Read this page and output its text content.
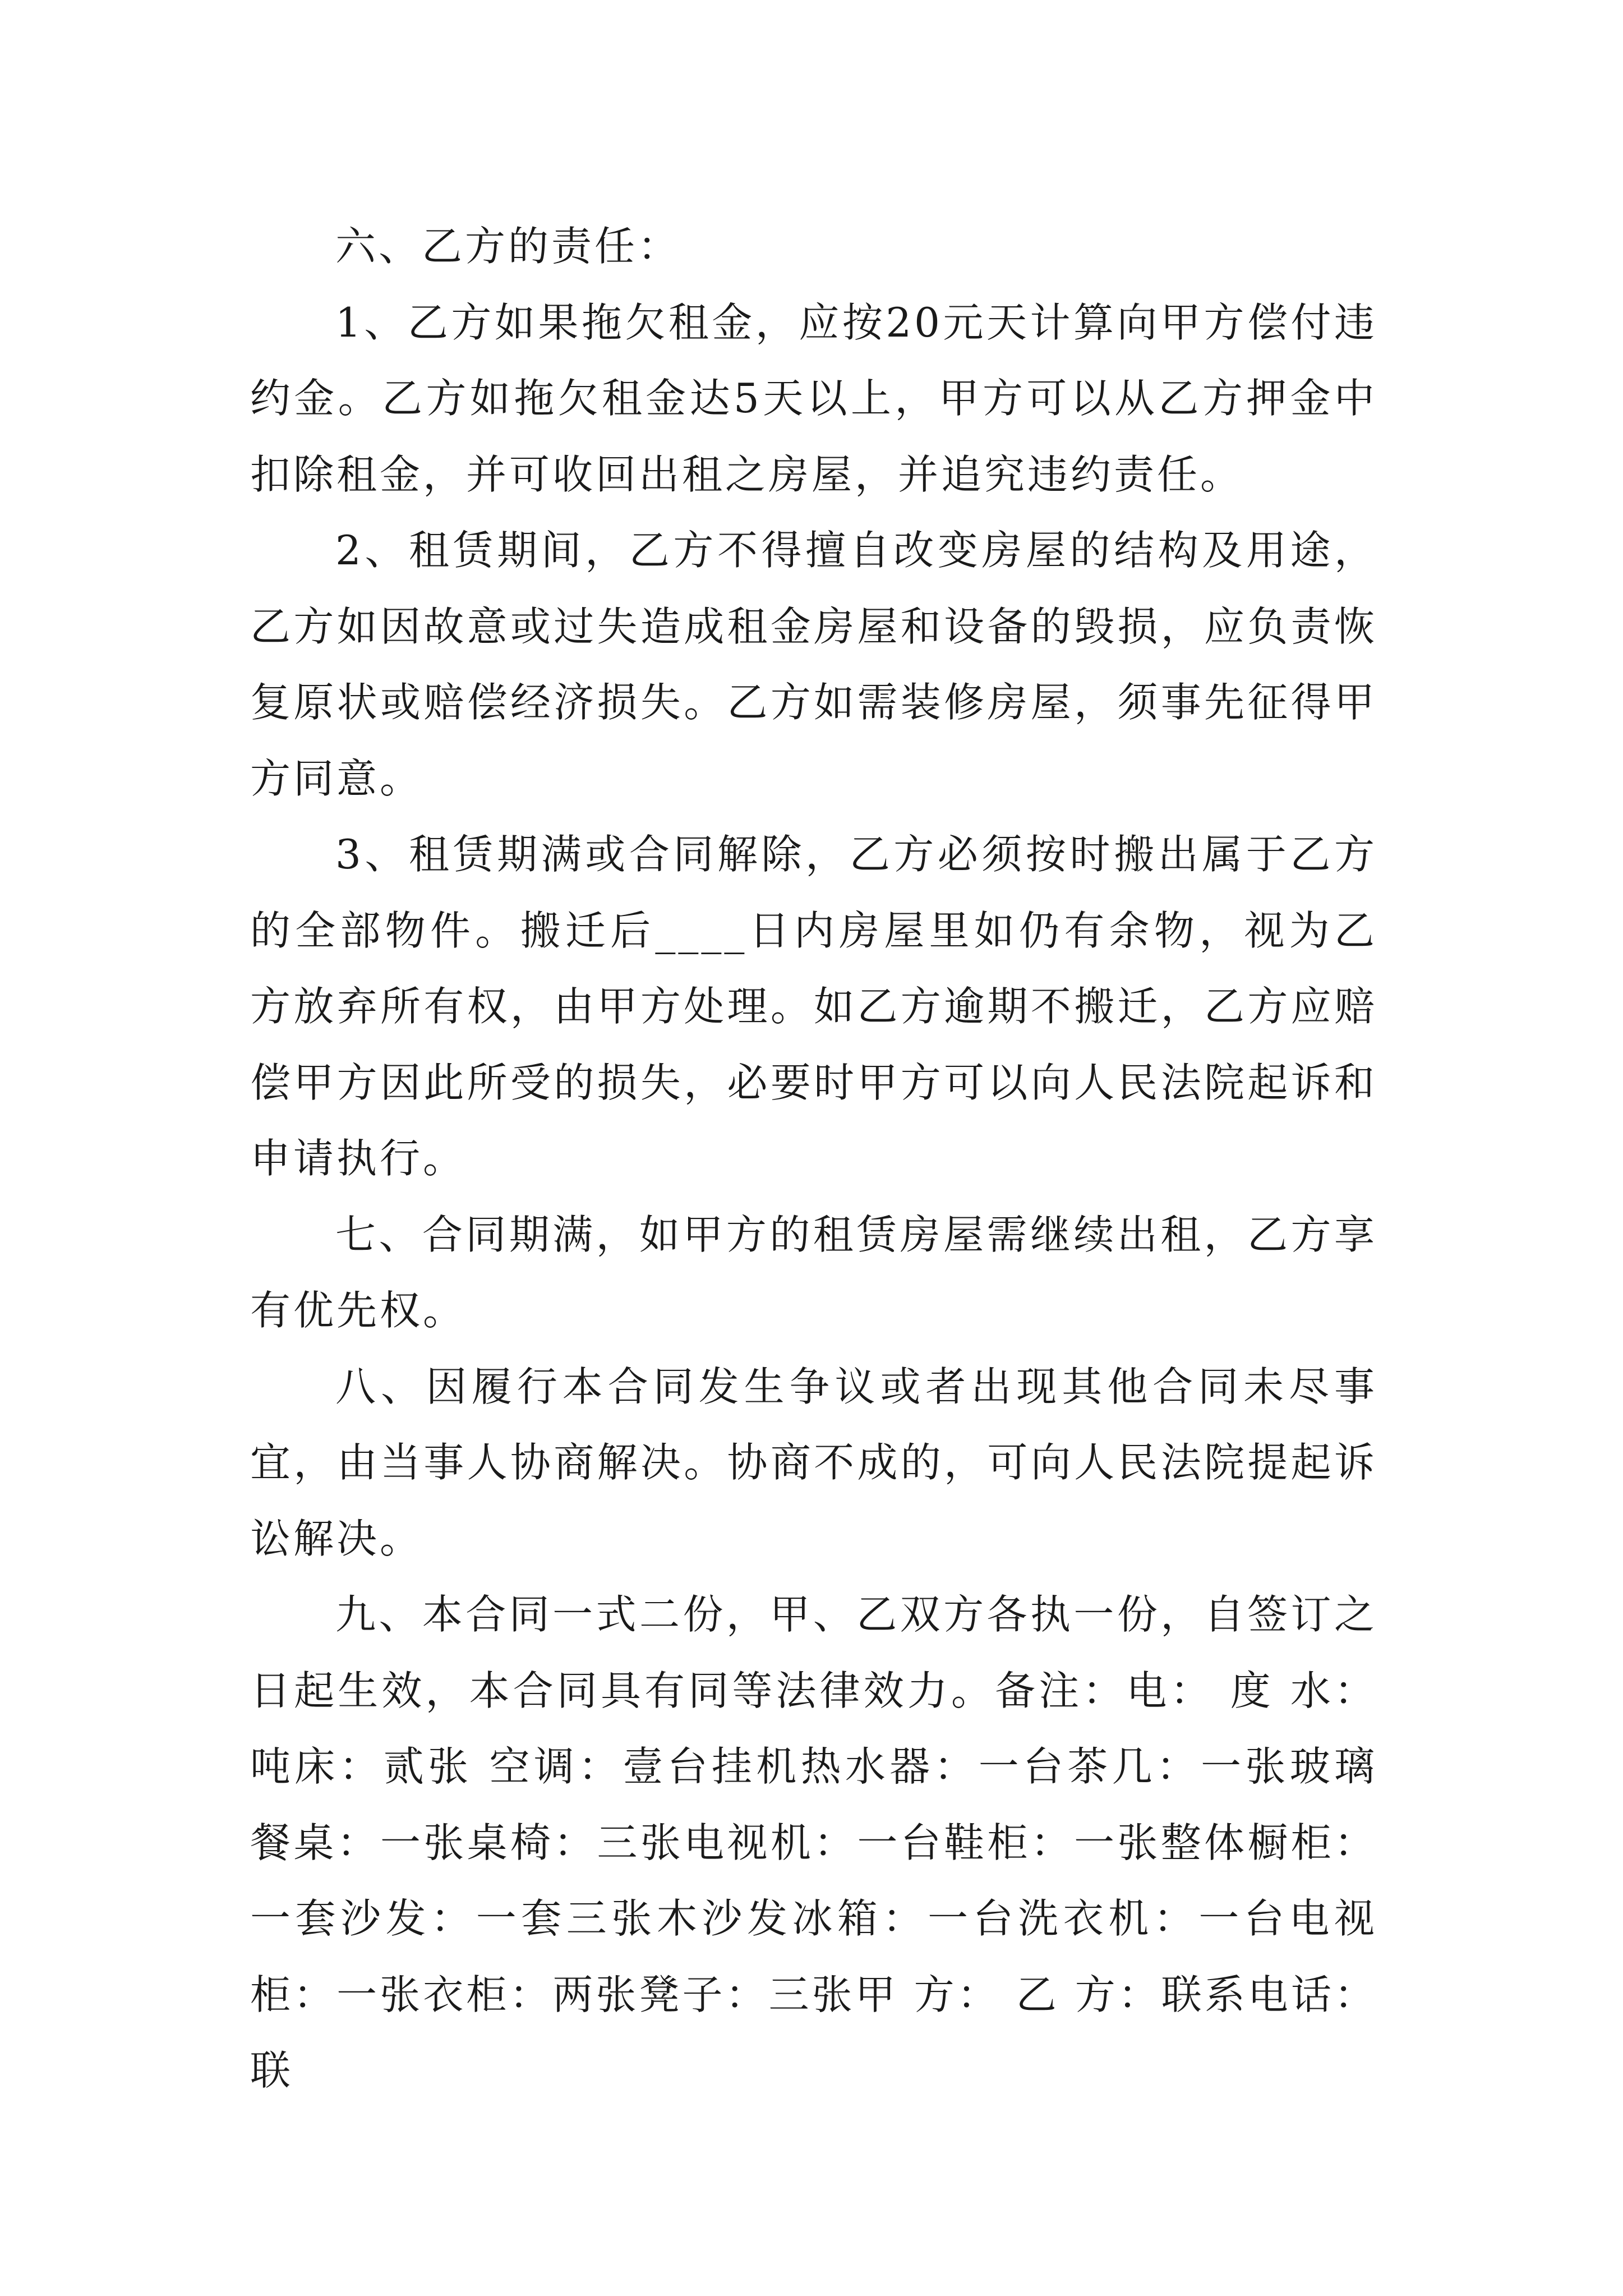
六、乙方的责任：

1、乙方如果拖欠租金，应按20元天计算向甲方偿付违约金。乙方如拖欠租金达5天以上，甲方可以从乙方押金中扣除租金，并可收回出租之房屋，并追究违约责任。

2、租赁期间，乙方不得擅自改变房屋的结构及用途，乙方如因故意或过失造成租金房屋和设备的毁损，应负责恢复原状或赔偿经济损失。乙方如需装修房屋，须事先征得甲方同意。

3、租赁期满或合同解除，乙方必须按时搬出属于乙方的全部物件。搬迁后____日内房屋里如仍有余物，视为乙方放弃所有权，由甲方处理。如乙方逾期不搬迁，乙方应赔偿甲方因此所受的损失，必要时甲方可以向人民法院起诉和申请执行。

七、合同期满，如甲方的租赁房屋需继续出租，乙方享有优先权。

八、因履行本合同发生争议或者出现其他合同未尽事宜，由当事人协商解决。协商不成的，可向人民法院提起诉讼解决。

九、本合同一式二份，甲、乙双方各执一份，自签订之日起生效，本合同具有同等法律效力。备注：电： 度 水：吨床：贰张 空调：壹台挂机热水器：一台茶几：一张玻璃餐桌：一张桌椅：三张电视机：一台鞋柜：一张整体橱柜：一套沙发：一套三张木沙发冰箱：一台洗衣机：一台电视柜：一张衣柜：两张凳子：三张甲 方： 乙 方：联系电话： 联
